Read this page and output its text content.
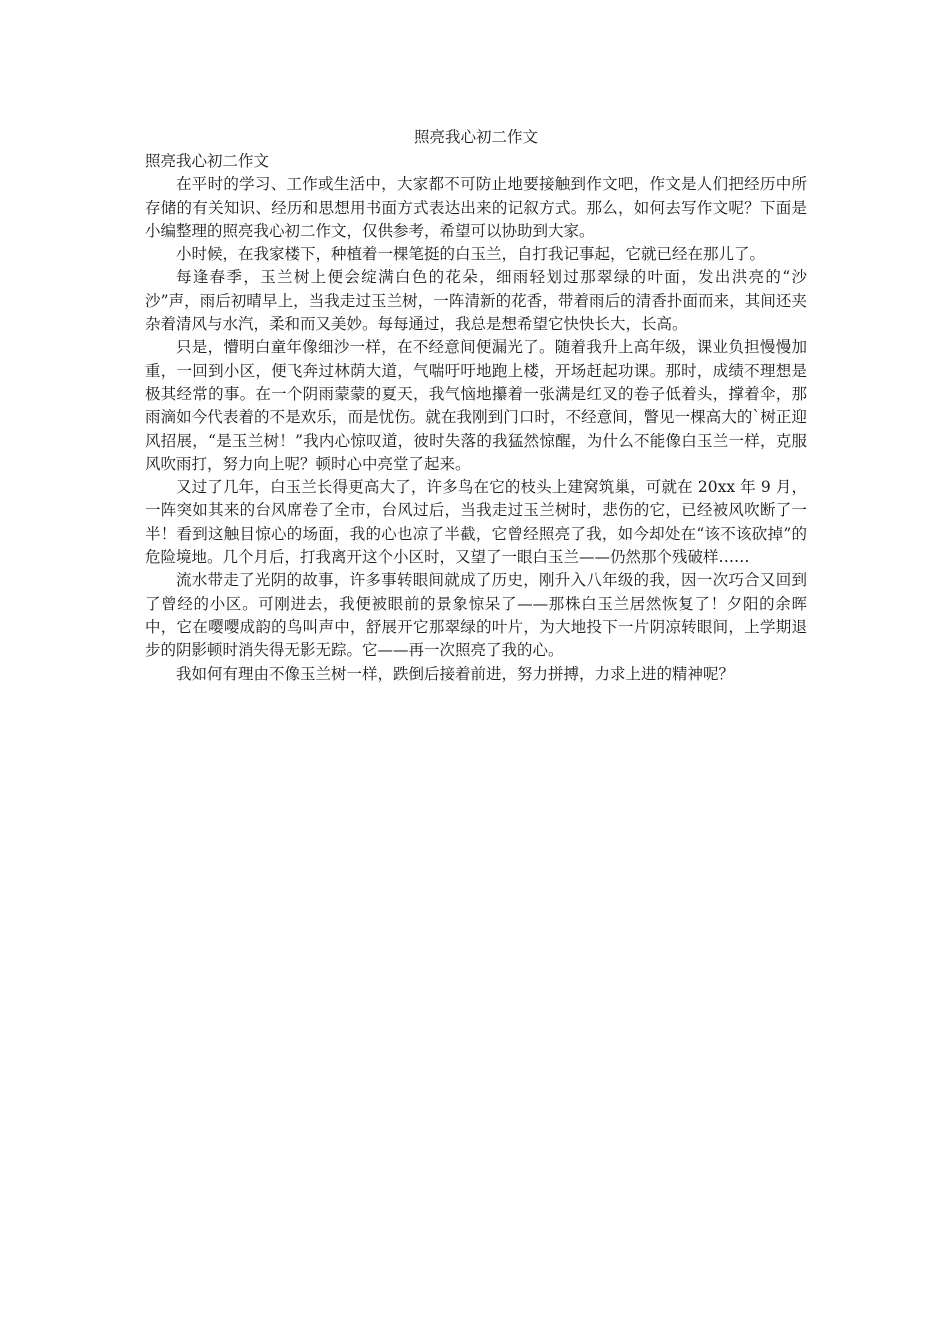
照亮我心初二作文

照亮我心初二作文

在平时的学习、工作或生活中，大家都不可防止地要接触到作文吧，作文是人们把经历中所存储的有关知识、经历和思想用书面方式表达出来的记叙方式。那么，如何去写作文呢？下面是小编整理的照亮我心初二作文，仅供参考，希望可以协助到大家。

小时候，在我家楼下，种植着一棵笔挺的白玉兰，自打我记事起，它就已经在那儿了。

每逢春季，玉兰树上便会绽满白色的花朵，细雨轻划过那翠绿的叶面，发出洪亮的“沙沙”声，雨后初晴早上，当我走过玉兰树，一阵清新的花香，带着雨后的清香扑面而来，其间还夹杂着清风与水汽，柔和而又美妙。每每通过，我总是想希望它快快长大，长高。

只是，懵明白童年像细沙一样，在不经意间便漏光了。随着我升上高年级，课业负担慢慢加重，一回到小区，便飞奔过林荫大道，气喘吁吁地跑上楼，开场赶起功课。那时，成绩不理想是极其经常的事。在一个阴雨蒙蒙的夏天，我气恼地攥着一张满是红叉的卷子低着头，撑着伞，那雨滴如今代表着的不是欢乐，而是忧伤。就在我刚到门口时，不经意间，瞥见一棵高大的`树正迎风招展，“是玉兰树！”我内心惊叹道，彼时失落的我猛然惊醒，为什么不能像白玉兰一样，克服风吹雨打，努力向上呢？顿时心中亮堂了起来。

又过了几年，白玉兰长得更高大了，许多鸟在它的枝头上建窝筑巢，可就在 20xx 年 9 月，一阵突如其来的台风席卷了全市，台风过后，当我走过玉兰树时，悲伤的它，已经被风吹断了一半！看到这触目惊心的场面，我的心也凉了半截，它曾经照亮了我，如今却处在“该不该砍掉”的危险境地。几个月后，打我离开这个小区时，又望了一眼白玉兰——仍然那个残破样……

流水带走了光阴的故事，许多事转眼间就成了历史，刚升入八年级的我，因一次巧合又回到了曾经的小区。可刚进去，我便被眼前的景象惊呆了——那株白玉兰居然恢复了！夕阳的余晖中，它在嘤嘤成韵的鸟叫声中，舒展开它那翠绿的叶片，为大地投下一片阴凉转眼间，上学期退步的阴影顿时消失得无影无踪。它——再一次照亮了我的心。

我如何有理由不像玉兰树一样，跌倒后接着前进，努力拼搏，力求上进的精神呢？
